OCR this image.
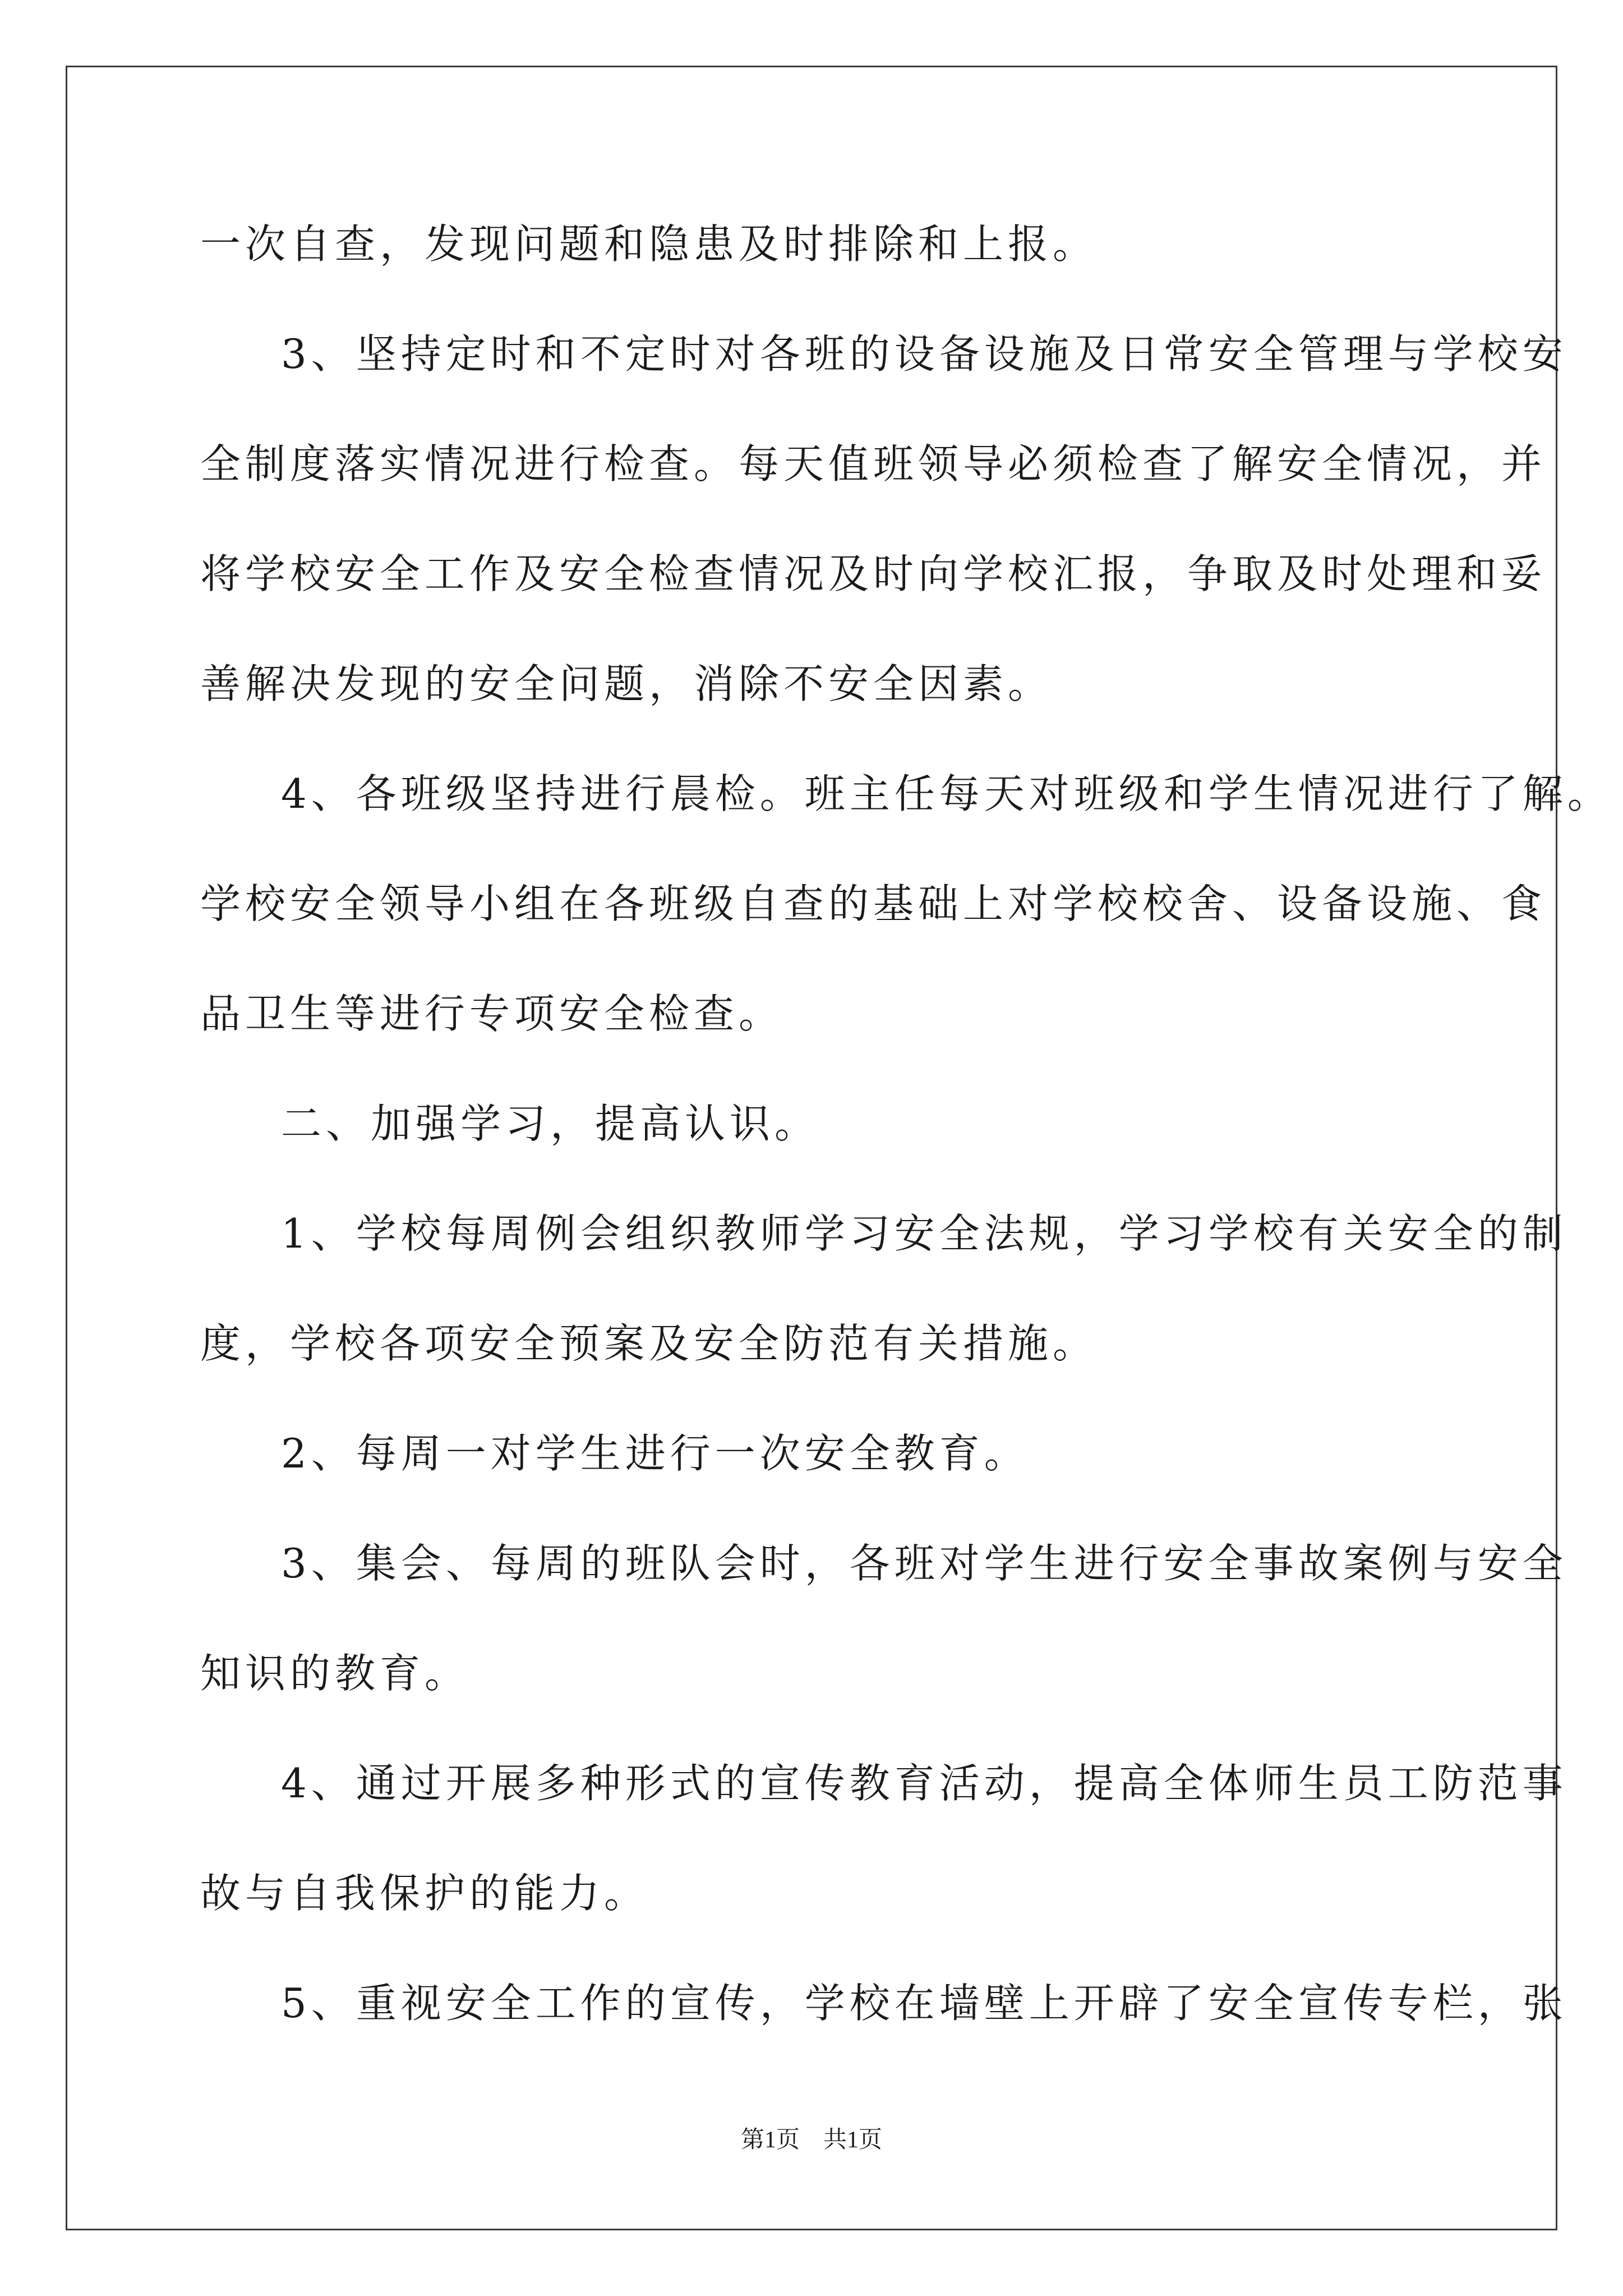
一次自查，发现问题和隐患及时排除和上报。
3、坚持定时和不定时对各班的设备设施及日常安全管理与学校安
全制度落实情况进行检查。每天值班领导必须检查了解安全情况，并
将学校安全工作及安全检查情况及时向学校汇报，争取及时处理和妥
善解决发现的安全问题，消除不安全因素。
4、各班级坚持进行晨检。班主任每天对班级和学生情况进行了解。
学校安全领导小组在各班级自查的基础上对学校校舍、设备设施、食
品卫生等进行专项安全检查。
二、加强学习，提高认识。
1、学校每周例会组织教师学习安全法规，学习学校有关安全的制
度，学校各项安全预案及安全防范有关措施。
2、每周一对学生进行一次安全教育。
3、集会、每周的班队会时，各班对学生进行安全事故案例与安全
知识的教育。
4、通过开展多种形式的宣传教育活动，提高全体师生员工防范事
故与自我保护的能力。
5、重视安全工作的宣传，学校在墙壁上开辟了安全宣传专栏，张
第1页　共1页
